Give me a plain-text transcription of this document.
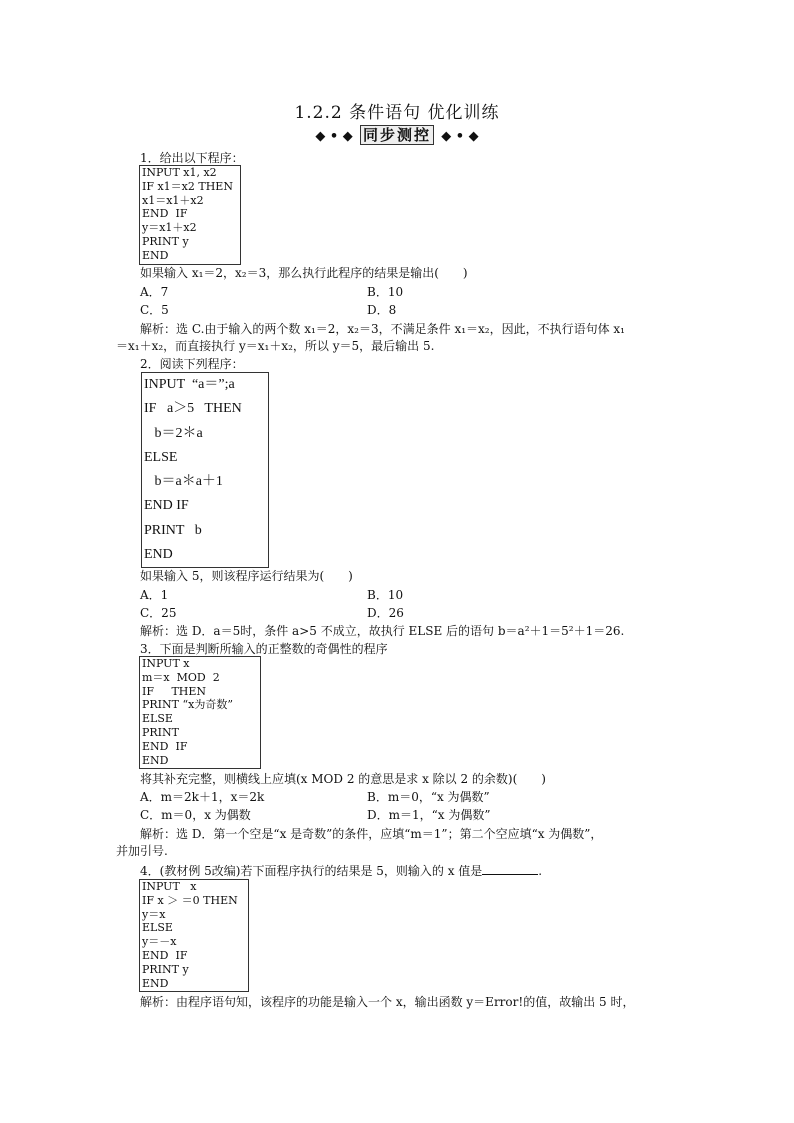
1.2.2 条件语句 优化训练
◆ • ◆ 同步测控 ◆ • ◆
1．给出以下程序：
INPUT x1, x2
IF x1＝x2 THEN
x1＝x1＋x2
END  IF
y＝x1＋x2
PRINT y
END
如果输入 x₁＝2，x₂＝3，那么执行此程序的结果是输出(　　)
A．7	B．10
C．5	D．8
解析：选 C.由于输入的两个数 x₁＝2，x₂＝3，不满足条件 x₁＝x₂，因此，不执行语句体 x₁
＝x₁＋x₂，而直接执行 y＝x₁＋x₂，所以 y＝5，最后输出 5.
2．阅读下列程序：
INPUT  “a＝”;a
IF   a＞5   THEN
b＝2＊a
ELSE
b＝a＊a＋1
END IF
PRINT   b
END
如果输入 5，则该程序运行结果为(　　)
A．1	B．10
C．25	D．26
解析：选 D．a＝5时，条件 a>5 不成立，故执行 ELSE 后的语句 b＝a²＋1＝5²＋1＝26.
3．下面是判断所输入的正整数的奇偶性的程序
INPUT x
m＝x  MOD  2
IF     THEN
PRINT “x为奇数”
ELSE
PRINT
END  IF
END
将其补充完整，则横线上应填(x MOD 2 的意思是求 x 除以 2 的余数)(　　)
A．m＝2k＋1，x＝2k	B．m＝0，“x 为偶数”
C．m＝0，x 为偶数	D．m＝1，“x 为偶数”
解析：选 D．第一个空是“x 是奇数”的条件，应填“m＝1”；第二个空应填“x 为偶数”，
并加引号.
4．(教材例 5改编)若下面程序执行的结果是 5，则输入的 x 值是	.
INPUT   x
IF x ＞ ＝0 THEN
y＝x
ELSE
y＝－x
END  IF
PRINT y
END
解析：由程序语句知，该程序的功能是输入一个 x，输出函数 y＝Error!的值，故输出 5 时，
